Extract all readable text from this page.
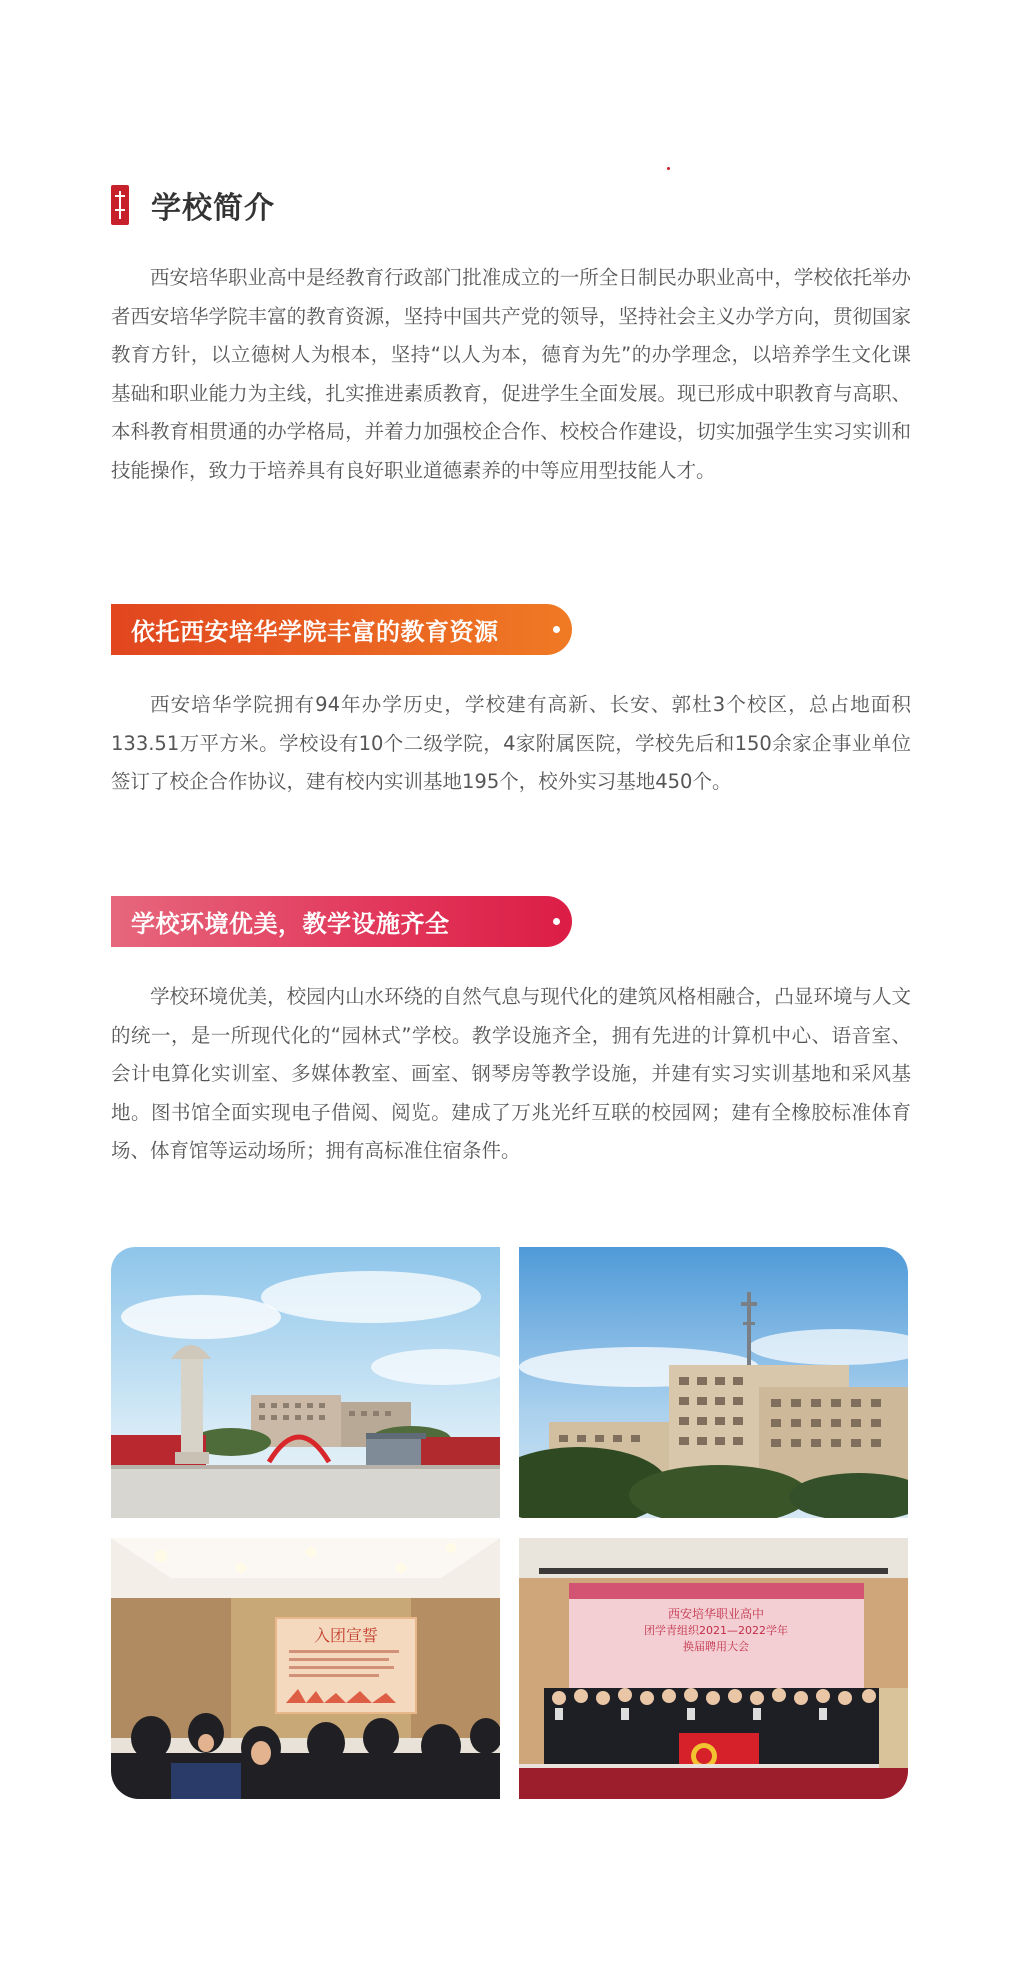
学校简介

西安培华职业高中是经教育行政部门批准成立的一所全日制民办职业高中，学校依托举办者西安培华学院丰富的教育资源，坚持中国共产党的领导，坚持社会主义办学方向，贯彻国家教育方针，以立德树人为根本，坚持“以人为本，德育为先”的办学理念，以培养学生文化课基础和职业能力为主线，扎实推进素质教育，促进学生全面发展。现已形成中职教育与高职、本科教育相贯通的办学格局，并着力加强校企合作、校校合作建设，切实加强学生实习实训和技能操作，致力于培养具有良好职业道德素养的中等应用型技能人才。

依托西安培华学院丰富的教育资源

西安培华学院拥有94年办学历史，学校建有高新、长安、郭杜3个校区，总占地面积133.51万平方米。学校设有10个二级学院，4家附属医院，学校先后和150余家企事业单位签订了校企合作协议，建有校内实训基地195个，校外实习基地450个。

学校环境优美，教学设施齐全

学校环境优美，校园内山水环绕的自然气息与现代化的建筑风格相融合，凸显环境与人文的统一，是一所现代化的“园林式”学校。教学设施齐全，拥有先进的计算机中心、语音室、会计电算化实训室、多媒体教室、画室、钢琴房等教学设施，并建有实习实训基地和采风基地。图书馆全面实现电子借阅、阅览。建成了万兆光纤互联的校园网；建有全橡胶标准体育场、体育馆等运动场所；拥有高标准住宿条件。

入团宣誓
西安培华职业高中
团学青组织2021—2022学年
换届聘用大会
